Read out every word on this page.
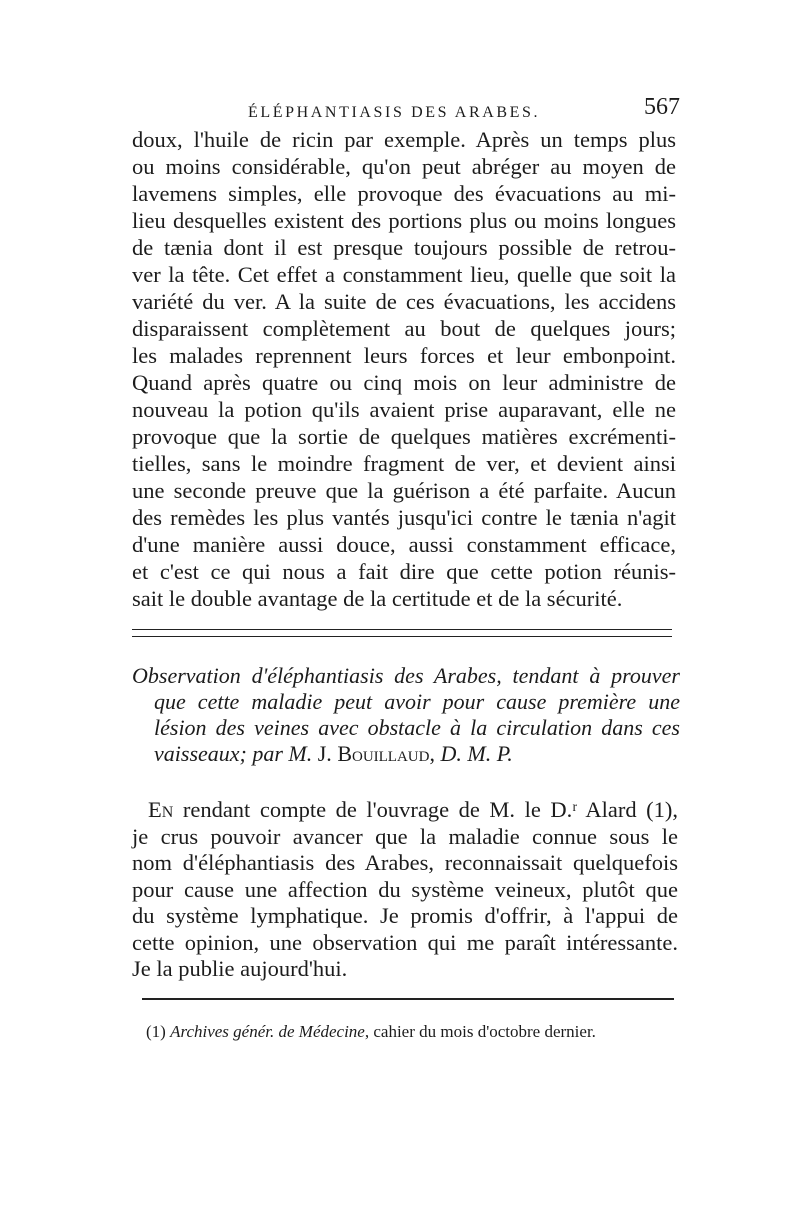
ÉLÉPHANTIASIS DES ARABES.	567
doux, l'huile de ricin par exemple. Après un temps plus
ou moins considérable, qu'on peut abréger au moyen de
lavemens simples, elle provoque des évacuations au mi-
lieu desquelles existent des portions plus ou moins longues
de tænia dont il est presque toujours possible de retrou-
ver la tête. Cet effet a constamment lieu, quelle que soit la
variété du ver. A la suite de ces évacuations, les accidens
disparaissent complètement au bout de quelques jours;
les malades reprennent leurs forces et leur embonpoint.
Quand après quatre ou cinq mois on leur administre de
nouveau la potion qu'ils avaient prise auparavant, elle ne
provoque que la sortie de quelques matières excrémenti-
tielles, sans le moindre fragment de ver, et devient ainsi
une seconde preuve que la guérison a été parfaite. Aucun
des remèdes les plus vantés jusqu'ici contre le tænia n'agit
d'une manière aussi douce, aussi constamment efficace,
et c'est ce qui nous a fait dire que cette potion réunis-
sait le double avantage de la certitude et de la sécurité.
Observation d'éléphantiasis des Arabes, tendant à prouver
que cette maladie peut avoir pour cause première une
lésion des veines avec obstacle à la circulation dans ces
vaisseaux; par M. J. Bouillaud, D. M. P.
En rendant compte de l'ouvrage de M. le D.ʳ Alard (1),
je crus pouvoir avancer que la maladie connue sous le
nom d'éléphantiasis des Arabes, reconnaissait quelquefois
pour cause une affection du système veineux, plutôt que
du système lymphatique. Je promis d'offrir, à l'appui de
cette opinion, une observation qui me paraît intéressante.
Je la publie aujourd'hui.
(1) Archives génér. de Médecine, cahier du mois d'octobre dernier.
